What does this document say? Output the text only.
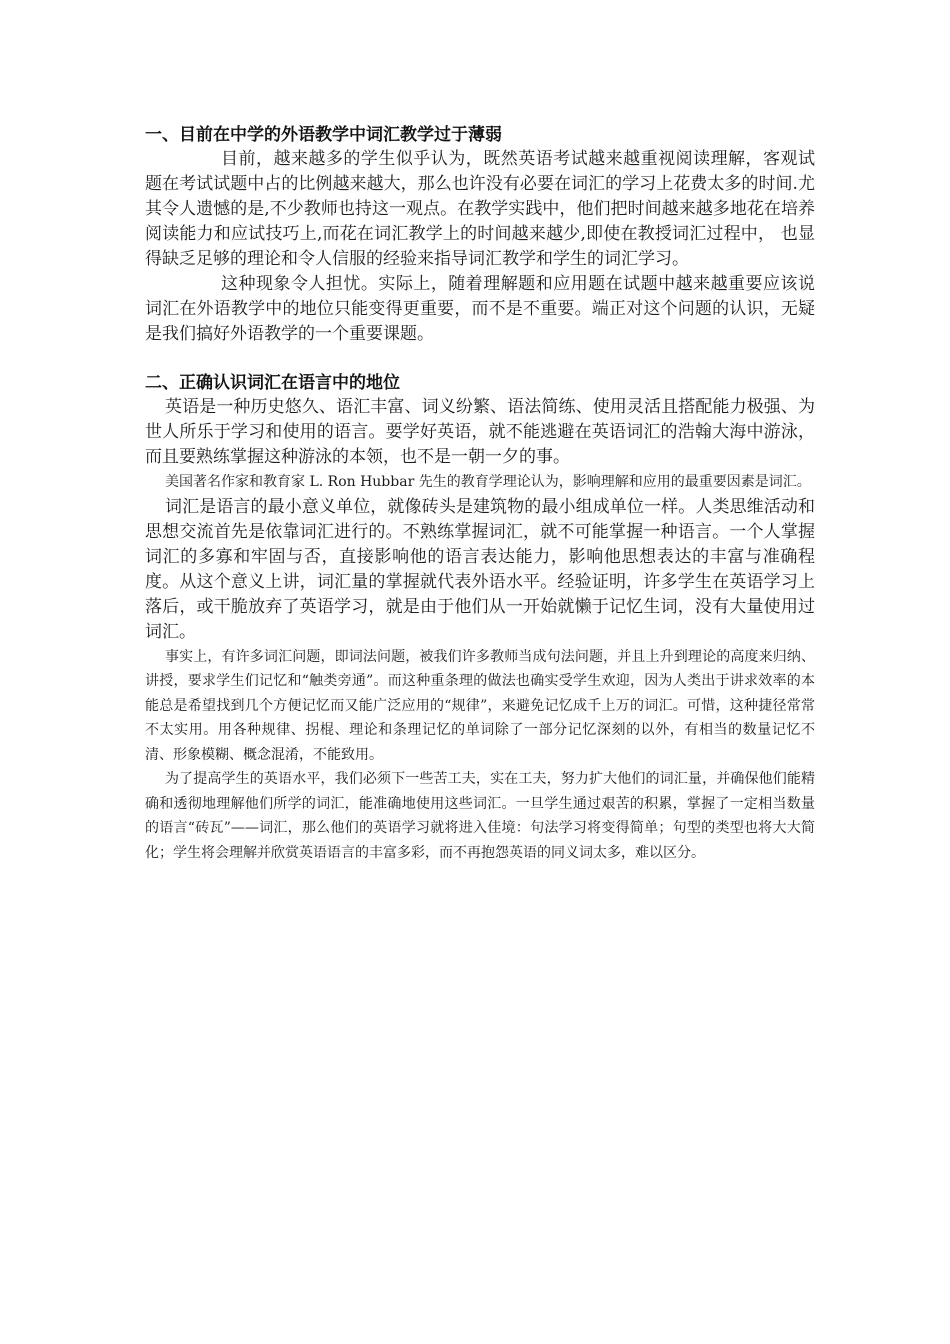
一、目前在中学的外语教学中词汇教学过于薄弱

目前，越来越多的学生似乎认为，既然英语考试越来越重视阅读理解，客观试题在考试试题中占的比例越来越大，那么也许没有必要在词汇的学习上花费太多的时间.尤其令人遗憾的是,不少教师也持这一观点。在教学实践中，他们把时间越来越多地花在培养阅读能力和应试技巧上,而花在词汇教学上的时间越来越少,即使在教授词汇过程中， 也显得缺乏足够的理论和令人信服的经验来指导词汇教学和学生的词汇学习。

这种现象令人担忧。实际上，随着理解题和应用题在试题中越来越重要应该说词汇在外语教学中的地位只能变得更重要，而不是不重要。端正对这个问题的认识，无疑是我们搞好外语教学的一个重要课题。

二、正确认识词汇在语言中的地位

英语是一种历史悠久、语汇丰富、词义纷繁、语法简练、使用灵活且搭配能力极强、为世人所乐于学习和使用的语言。要学好英语，就不能逃避在英语词汇的浩翰大海中游泳，而且要熟练掌握这种游泳的本领，也不是一朝一夕的事。

美国著名作家和教育家 L. Ron Hubbar 先生的教育学理论认为，影响理解和应用的最重要因素是词汇。

词汇是语言的最小意义单位，就像砖头是建筑物的最小组成单位一样。人类思维活动和思想交流首先是依靠词汇进行的。不熟练掌握词汇，就不可能掌握一种语言。一个人掌握词汇的多寡和牢固与否，直接影响他的语言表达能力，影响他思想表达的丰富与准确程度。从这个意义上讲，词汇量的掌握就代表外语水平。经验证明，许多学生在英语学习上落后，或干脆放弃了英语学习，就是由于他们从一开始就懒于记忆生词，没有大量使用过词汇。

事实上，有许多词汇问题，即词法问题，被我们许多教师当成句法问题，并且上升到理论的高度来归纳、讲授，要求学生们记忆和“触类旁通”。而这种重条理的做法也确实受学生欢迎，因为人类出于讲求效率的本能总是希望找到几个方便记忆而又能广泛应用的“规律”，来避免记忆成千上万的词汇。可惜，这种捷径常常不太实用。用各种规律、拐棍、理论和条理记忆的单词除了一部分记忆深刻的以外，有相当的数量记忆不清、形象模糊、概念混淆，不能致用。

为了提高学生的英语水平，我们必须下一些苦工夫，实在工夫，努力扩大他们的词汇量，并确保他们能精确和透彻地理解他们所学的词汇，能准确地使用这些词汇。一旦学生通过艰苦的积累，掌握了一定相当数量的语言“砖瓦”——词汇，那么他们的英语学习就将进入佳境：句法学习将变得简单；句型的类型也将大大简化；学生将会理解并欣赏英语语言的丰富多彩，而不再抱怨英语的同义词太多，难以区分。
